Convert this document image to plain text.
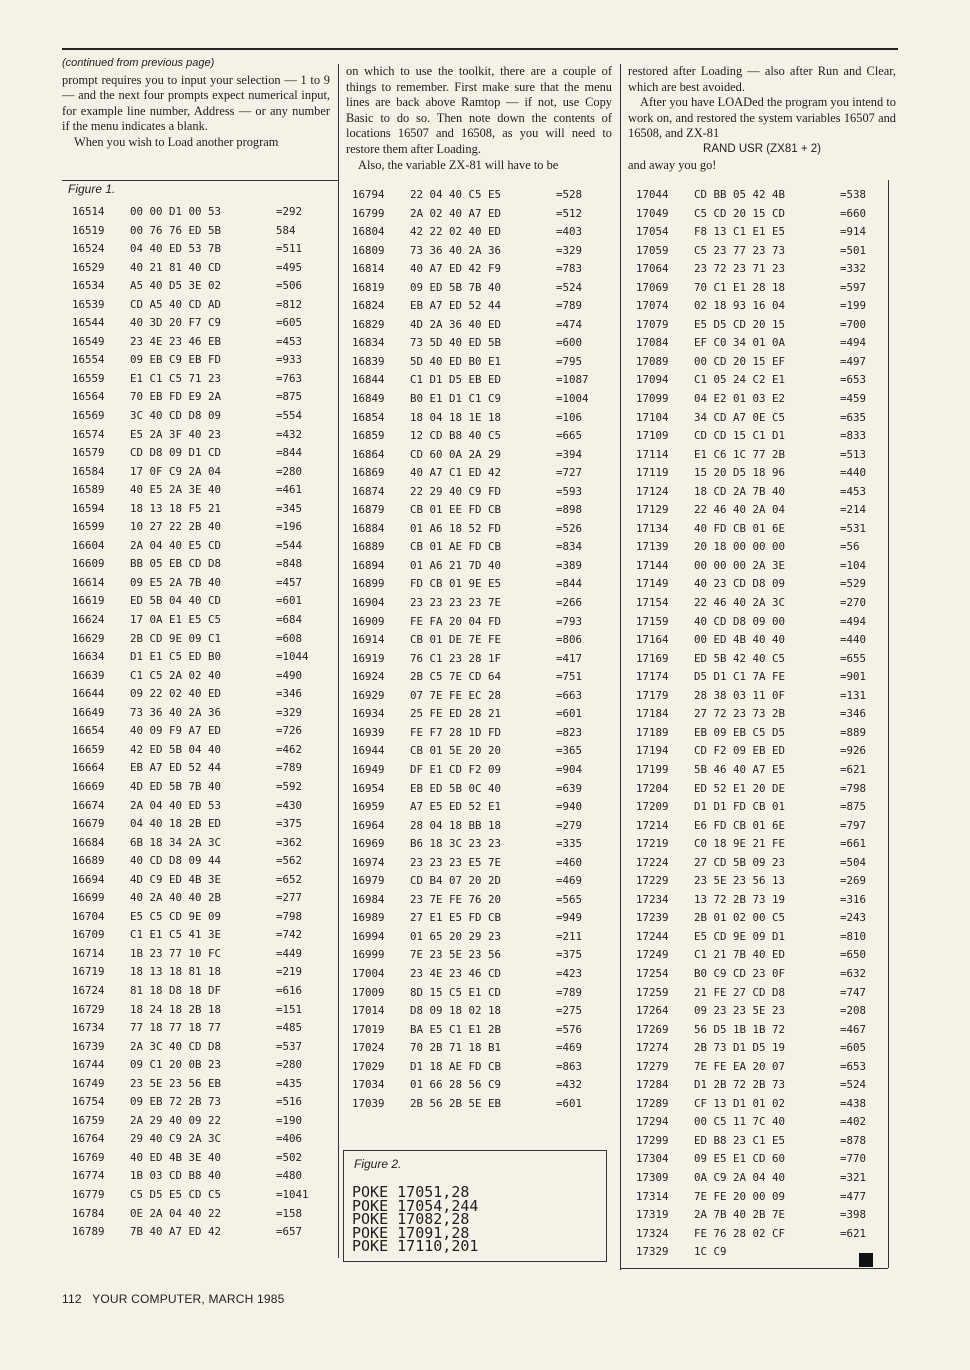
(continued from previous page)

prompt requires you to input your selection — 1 to 9 — and the next four prompts expect numerical input, for example line number, Address — or any number if the menu indicates a blank.

When you wish to Load another program

on which to use the toolkit, there are a couple of things to remember. First make sure that the menu lines are back above Ramtop — if not, use Copy Basic to do so. Then note down the contents of locations 16507 and 16508, as you will need to restore them after Loading.

Also, the variable ZX-81 will have to be

restored after Loading — also after Run and Clear, which are best avoided.

After you have LOADed the program you intend to work on, and restored the system variables 16507 and 16508, and ZX-81

RAND USR (ZX81 + 2)

and away you go!

Figure 1.
16514 00 00 D1 00 53	=292
16519 00 76 76 ED 5B	584
16524 04 40 ED 53 7B	=511
16529 40 21 81 40 CD	=495
16534 A5 40 D5 3E 02	=506
16539 CD A5 40 CD AD	=812
16544 40 3D 20 F7 C9	=605
16549 23 4E 23 46 EB	=453
16554 09 EB C9 EB FD	=933
16559 E1 C1 C5 71 23	=763
16564 70 EB FD E9 2A	=875
16569 3C 40 CD D8 09	=554
16574 E5 2A 3F 40 23	=432
16579 CD D8 09 D1 CD	=844
16584 17 0F C9 2A 04	=280
16589 40 E5 2A 3E 40	=461
16594 18 13 18 F5 21	=345
16599 10 27 22 2B 40	=196
16604 2A 04 40 E5 CD	=544
16609 BB 05 EB CD D8	=848
16614 09 E5 2A 7B 40	=457
16619 ED 5B 04 40 CD	=601
16624 17 0A E1 E5 C5	=684
16629 2B CD 9E 09 C1	=608
16634 D1 E1 C5 ED B0	=1044
16639 C1 C5 2A 02 40	=490
16644 09 22 02 40 ED	=346
16649 73 36 40 2A 36	=329
16654 40 09 F9 A7 ED	=726
16659 42 ED 5B 04 40	=462
16664 EB A7 ED 52 44	=789
16669 4D ED 5B 7B 40	=592
16674 2A 04 40 ED 53	=430
16679 04 40 18 2B ED	=375
16684 6B 18 34 2A 3C	=362
16689 40 CD D8 09 44	=562
16694 4D C9 ED 4B 3E	=652
16699 40 2A 40 40 2B	=277
16704 E5 C5 CD 9E 09	=798
16709 C1 E1 C5 41 3E	=742
16714 1B 23 77 10 FC	=449
16719 18 13 18 81 18	=219
16724 81 18 D8 18 DF	=616
16729 18 24 18 2B 18	=151
16734 77 18 77 18 77	=485
16739 2A 3C 40 CD D8	=537
16744 09 C1 20 0B 23	=280
16749 23 5E 23 56 EB	=435
16754 09 EB 72 2B 73	=516
16759 2A 29 40 09 22	=190
16764 29 40 C9 2A 3C	=406
16769 40 ED 4B 3E 40	=502
16774 1B 03 CD B8 40	=480
16779 C5 D5 E5 CD C5	=1041
16784 0E 2A 04 40 22	=158
16789 7B 40 A7 ED 42	=657
16794 22 04 40 C5 E5	=528
16799 2A 02 40 A7 ED	=512
16804 42 22 02 40 ED	=403
16809 73 36 40 2A 36	=329
16814 40 A7 ED 42 F9	=783
16819 09 ED 5B 7B 40	=524
16824 EB A7 ED 52 44	=789
16829 4D 2A 36 40 ED	=474
16834 73 5D 40 ED 5B	=600
16839 5D 40 ED B0 E1	=795
16844 C1 D1 D5 EB ED	=1087
16849 B0 E1 D1 C1 C9	=1004
16854 18 04 18 1E 18	=106
16859 12 CD B8 40 C5	=665
16864 CD 60 0A 2A 29	=394
16869 40 A7 C1 ED 42	=727
16874 22 29 40 C9 FD	=593
16879 CB 01 EE FD CB	=898
16884 01 A6 18 52 FD	=526
16889 CB 01 AE FD CB	=834
16894 01 A6 21 7D 40	=389
16899 FD CB 01 9E E5	=844
16904 23 23 23 23 7E	=266
16909 FE FA 20 04 FD	=793
16914 CB 01 DE 7E FE	=806
16919 76 C1 23 28 1F	=417
16924 2B C5 7E CD 64	=751
16929 07 7E FE EC 28	=663
16934 25 FE ED 28 21	=601
16939 FE F7 28 1D FD	=823
16944 CB 01 5E 20 20	=365
16949 DF E1 CD F2 09	=904
16954 EB ED 5B 0C 40	=639
16959 A7 E5 ED 52 E1	=940
16964 28 04 18 BB 18	=279
16969 B6 18 3C 23 23	=335
16974 23 23 23 E5 7E	=460
16979 CD B4 07 20 2D	=469
16984 23 7E FE 76 20	=565
16989 27 E1 E5 FD CB	=949
16994 01 65 20 29 23	=211
16999 7E 23 5E 23 56	=375
17004 23 4E 23 46 CD	=423
17009 8D 15 C5 E1 CD	=789
17014 D8 09 18 02 18	=275
17019 BA E5 C1 E1 2B	=576
17024 70 2B 71 18 B1	=469
17029 D1 18 AE FD CB	=863
17034 01 66 28 56 C9	=432
17039 2B 56 2B 5E EB	=601
17044 CD BB 05 42 4B	=538
17049 C5 CD 20 15 CD	=660
17054 F8 13 C1 E1 E5	=914
17059 C5 23 77 23 73	=501
17064 23 72 23 71 23	=332
17069 70 C1 E1 28 18	=597
17074 02 18 93 16 04	=199
17079 E5 D5 CD 20 15	=700
17084 EF C0 34 01 0A	=494
17089 00 CD 20 15 EF	=497
17094 C1 05 24 C2 E1	=653
17099 04 E2 01 03 E2	=459
17104 34 CD A7 0E C5	=635
17109 CD CD 15 C1 D1	=833
17114 E1 C6 1C 77 2B	=513
17119 15 20 D5 18 96	=440
17124 18 CD 2A 7B 40	=453
17129 22 46 40 2A 04	=214
17134 40 FD CB 01 6E	=531
17139 20 18 00 00 00	=56
17144 00 00 00 2A 3E	=104
17149 40 23 CD D8 09	=529
17154 22 46 40 2A 3C	=270
17159 40 CD D8 09 00	=494
17164 00 ED 4B 40 40	=440
17169 ED 5B 42 40 C5	=655
17174 D5 D1 C1 7A FE	=901
17179 28 38 03 11 0F	=131
17184 27 72 23 73 2B	=346
17189 EB 09 EB C5 D5	=889
17194 CD F2 09 EB ED	=926
17199 5B 46 40 A7 E5	=621
17204 ED 52 E1 20 DE	=798
17209 D1 D1 FD CB 01	=875
17214 E6 FD CB 01 6E	=797
17219 C0 18 9E 21 FE	=661
17224 27 CD 5B 09 23	=504
17229 23 5E 23 56 13	=269
17234 13 72 2B 73 19	=316
17239 2B 01 02 00 C5	=243
17244 E5 CD 9E 09 D1	=810
17249 C1 21 7B 40 ED	=650
17254 B0 C9 CD 23 0F	=632
17259 21 FE 27 CD D8	=747
17264 09 23 23 5E 23	=208
17269 56 D5 1B 1B 72	=467
17274 2B 73 D1 D5 19	=605
17279 7E FE EA 20 07	=653
17284 D1 2B 72 2B 73	=524
17289 CF 13 D1 01 02	=438
17294 00 C5 11 7C 40	=402
17299 ED B8 23 C1 E5	=878
17304 09 E5 E1 CD 60	=770
17309 0A C9 2A 04 40	=321
17314 7E FE 20 00 09	=477
17319 2A 7B 40 2B 7E	=398
17324 FE 76 28 02 CF	=621
17329 1C C9
Figure 2.
POKE 17051,28
POKE 17054,244
POKE 17082,28
POKE 17091,28
POKE 17110,201
112   YOUR COMPUTER, MARCH 1985
